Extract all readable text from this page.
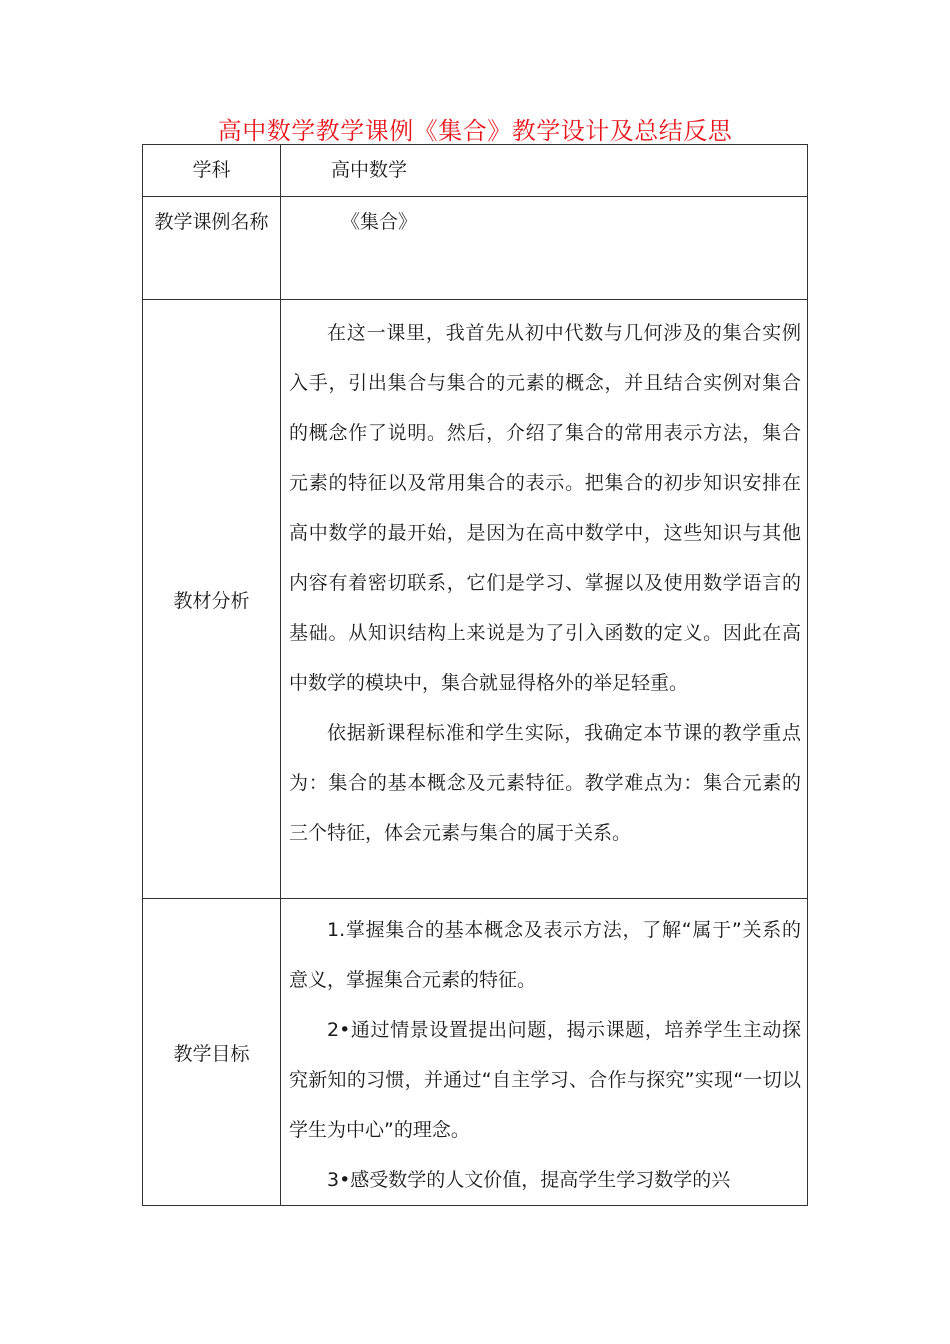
高中数学教学课例《集合》教学设计及总结反思
学科	高中数学

教学课例名称	《集合》

教材分析	在这一课里，我首先从初中代数与几何涉及的集合实例入手，引出集合与集合的元素的概念，并且结合实例对集合的概念作了说明。然后，介绍了集合的常用表示方法，集合元素的特征以及常用集合的表示。把集合的初步知识安排在高中数学的最开始，是因为在高中数学中，这些知识与其他内容有着密切联系，它们是学习、掌握以及使用数学语言的基础。从知识结构上来说是为了引入函数的定义。因此在高中数学的模块中，集合就显得格外的举足轻重。

依据新课程标准和学生实际，我确定本节课的教学重点为：集合的基本概念及元素特征。教学难点为：集合元素的三个特征，体会元素与集合的属于关系。

教学目标	1.掌握集合的基本概念及表示方法，了解“属于”关系的意义，掌握集合元素的特征。

2•通过情景设置提出问题，揭示课题，培养学生主动探究新知的习惯，并通过“自主学习、合作与探究”实现“一切以学生为中心”的理念。

3•感受数学的人文价值，提高学生学习数学的兴
